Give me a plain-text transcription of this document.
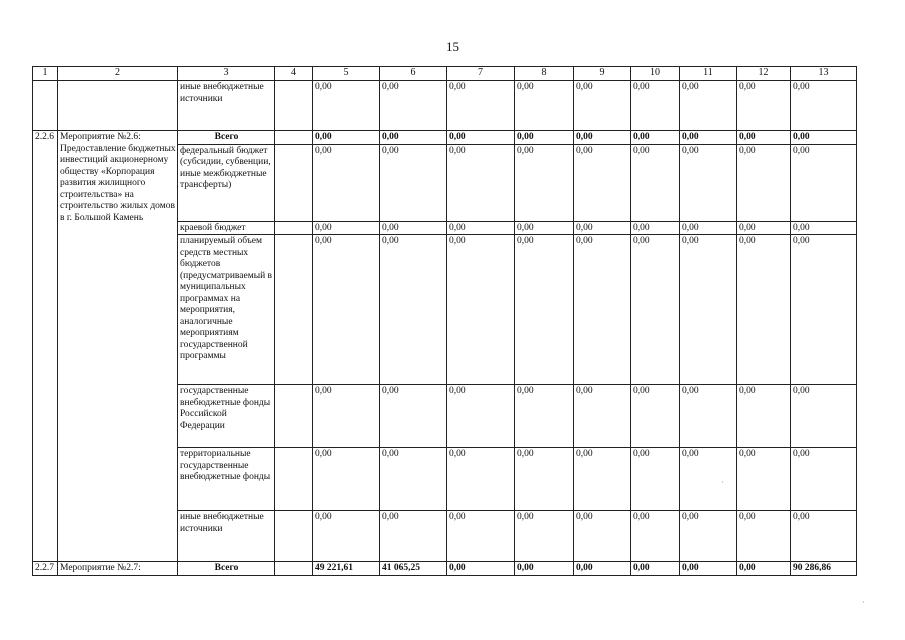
15
1	2	3	4	5	6	7	8	9	10	11	12	13
		иные внебюджетные источники		0,00	0,00	0,00	0,00	0,00	0,00	0,00	0,00	0,00
2.2.6	Мероприятие №2.6: Предоставление бюджетных инвестиций акционерному обществу «Корпорация развития жилищного строительства» на строительство жилых домов в г. Большой Камень	Всего		0,00	0,00	0,00	0,00	0,00	0,00	0,00	0,00	0,00
		федеральный бюджет (субсидии, субвенции, иные межбюджетные трансферты)		0,00	0,00	0,00	0,00	0,00	0,00	0,00	0,00	0,00
		краевой бюджет		0,00	0,00	0,00	0,00	0,00	0,00	0,00	0,00	0,00
		планируемый объем средств местных бюджетов (предусматриваемый в муниципальных программах на мероприятия, аналогичные мероприятиям государственной программы		0,00	0,00	0,00	0,00	0,00	0,00	0,00	0,00	0,00
		государственные внебюджетные фонды Российской Федерации		0,00	0,00	0,00	0,00	0,00	0,00	0,00	0,00	0,00
		территориальные государственные внебюджетные фонды		0,00	0,00	0,00	0,00	0,00	0,00	0,00	0,00	0,00
		иные внебюджетные источники		0,00	0,00	0,00	0,00	0,00	0,00	0,00	0,00	0,00
2.2.7	Мероприятие №2.7:	Всего		49 221,61	41 065,25	0,00	0,00	0,00	0,00	0,00	0,00	90 286,86
·
·
